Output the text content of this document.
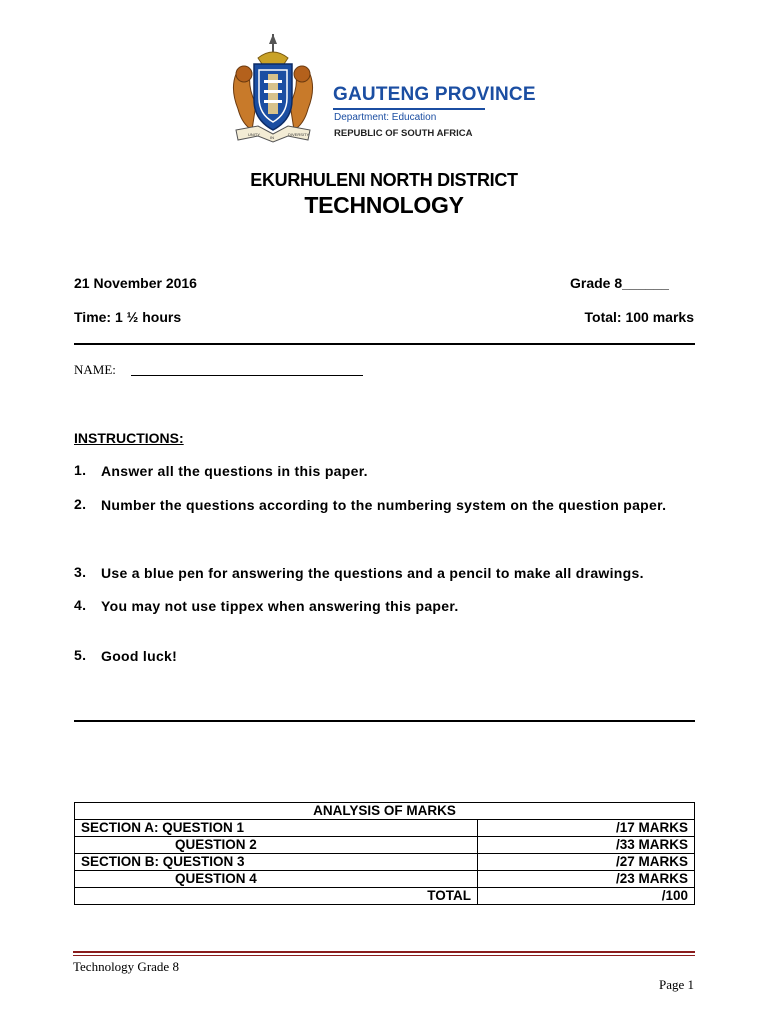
UNITY
IN
DIVERSITY
GAUTENG PROVINCE
Department: Education
REPUBLIC OF SOUTH AFRICA
EKURHULENI NORTH DISTRICT
TECHNOLOGY
21 November 2016	Grade 8______
Time: 1 ½ hours	Total: 100 marks
NAME:
INSTRUCTIONS:
1. Answer all the questions in this paper.
2. Number the questions according to the numbering system on the question paper.
3. Use a blue pen for answering the questions and a pencil to make all drawings.
4. You may not use tippex when answering this paper.
5. Good luck!
ANALYSIS OF MARKS	
SECTION A: QUESTION 1	/17 MARKS
QUESTION 2	/33 MARKS
SECTION B: QUESTION 3	/27 MARKS
QUESTION 4	/23 MARKS
TOTAL	/100
Technology Grade 8
Page 1
